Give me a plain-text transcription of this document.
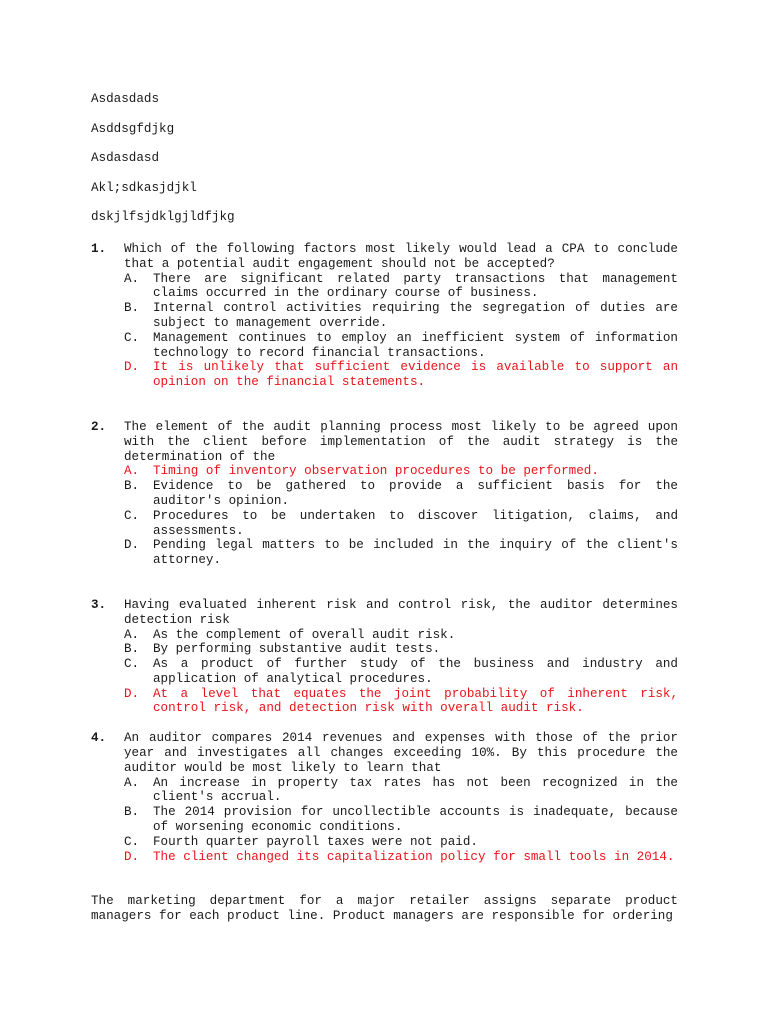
Asdasdads
Asddsgfdjkg
Asdasdasd
Akl;sdkasjdjkl
dskjlfsjdklgjldfjkg
1. Which of the following factors most likely would lead a CPA to conclude that a potential audit engagement should not be accepted?
A. There are significant related party transactions that management claims occurred in the ordinary course of business.
B. Internal control activities requiring the segregation of duties are subject to management override.
C. Management continues to employ an inefficient system of information technology to record financial transactions.
D. It is unlikely that sufficient evidence is available to support an opinion on the financial statements.
2. The element of the audit planning process most likely to be agreed upon with the client before implementation of the audit strategy is the determination of the
A. Timing of inventory observation procedures to be performed.
B. Evidence to be gathered to provide a sufficient basis for the auditor's opinion.
C. Procedures to be undertaken to discover litigation, claims, and assessments.
D. Pending legal matters to be included in the inquiry of the client's attorney.
3. Having evaluated inherent risk and control risk, the auditor determines detection risk
A. As the complement of overall audit risk.
B. By performing substantive audit tests.
C. As a product of further study of the business and industry and application of analytical procedures.
D. At a level that equates the joint probability of inherent risk, control risk, and detection risk with overall audit risk.
4. An auditor compares 2014 revenues and expenses with those of the prior year and investigates all changes exceeding 10%. By this procedure the auditor would be most likely to learn that
A. An increase in property tax rates has not been recognized in the client's accrual.
B. The 2014 provision for uncollectible accounts is inadequate, because of worsening economic conditions.
C. Fourth quarter payroll taxes were not paid.
D. The client changed its capitalization policy for small tools in 2014.
The marketing department for a major retailer assigns separate product managers for each product line. Product managers are responsible for ordering
